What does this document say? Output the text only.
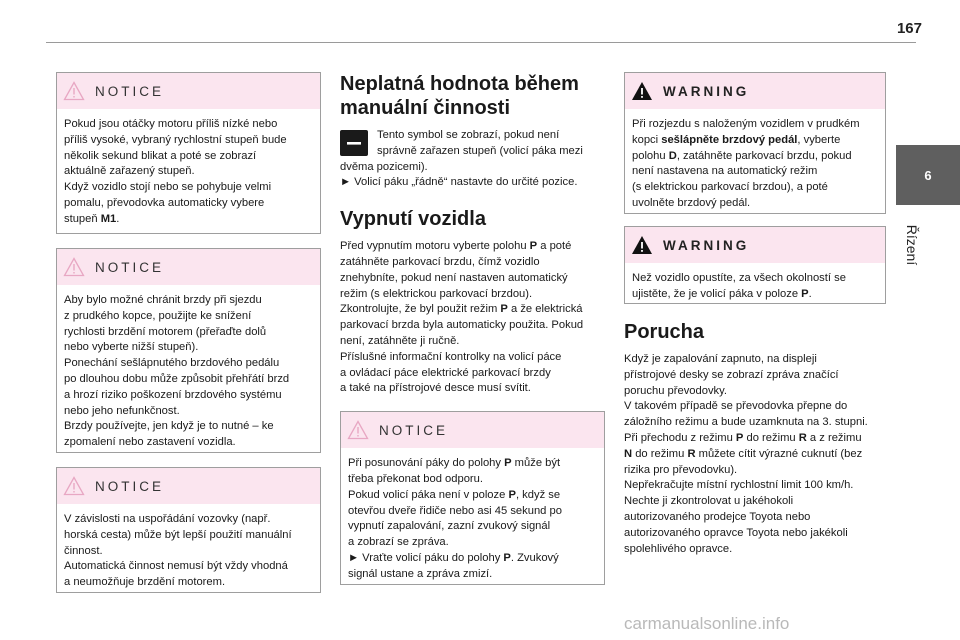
167
6
Řízení
NOTICE

Pokud jsou otáčky motoru příliš nízké nebo

příliš vysoké, vybraný rychlostní stupeň bude

několik sekund blikat a poté se zobrazí

aktuálně zařazený stupeň.

Když vozidlo stojí nebo se pohybuje velmi

pomalu, převodovka automaticky vybere

stupeň M1.

NOTICE

Aby bylo možné chránit brzdy při sjezdu

z prudkého kopce, použijte ke snížení

rychlosti brzdění motorem (přeřaďte dolů

nebo vyberte nižší stupeň).

Ponechání sešlápnutého brzdového pedálu

po dlouhou dobu může způsobit přehřátí brzd

a hrozí riziko poškození brzdového systému

nebo jeho nefunkčnost.

Brzdy používejte, jen když je to nutné – ke

zpomalení nebo zastavení vozidla.

NOTICE

V závislosti na uspořádání vozovky (např.

horská cesta) může být lepší použití manuální

činnost.

Automatická činnost nemusí být vždy vhodná

a neumožňuje brzdění motorem.

Neplatná hodnota během
manuální činnosti

Tento symbol se zobrazí, pokud není

správně zařazen stupeň (volicí páka mezi

dvěma pozicemi).

► Volicí páku „řádně“ nastavte do určité pozice.

Vypnutí vozidla

Před vypnutím motoru vyberte polohu P a poté

zatáhněte parkovací brzdu, čímž vozidlo

znehybníte, pokud není nastaven automatický

režim (s elektrickou parkovací brzdou).

Zkontrolujte, že byl použit režim P a že elektrická

parkovací brzda byla automaticky použita. Pokud

není, zatáhněte ji ručně.

Příslušné informační kontrolky na volicí páce

a ovládací páce elektrické parkovací brzdy

a také na přístrojové desce musí svítit.

NOTICE

Při posunování páky do polohy P může být

třeba překonat bod odporu.

Pokud volicí páka není v poloze P, když se

otevřou dveře řidiče nebo asi 45 sekund po

vypnutí zapalování, zazní zvukový signál

a zobrazí se zpráva.

► Vraťte volicí páku do polohy P. Zvukový

signál ustane a zpráva zmizí.

WARNING

Při rozjezdu s naloženým vozidlem v prudkém

kopci sešlápněte brzdový pedál, vyberte

polohu D, zatáhněte parkovací brzdu, pokud

není nastavena na automatický režim

(s elektrickou parkovací brzdou), a poté

uvolněte brzdový pedál.

WARNING

Než vozidlo opustíte, za všech okolností se

ujistěte, že je volicí páka v poloze P.

Porucha

Když je zapalování zapnuto, na displeji

přístrojové desky se zobrazí zpráva značící

poruchu převodovky.

V takovém případě se převodovka přepne do

záložního režimu a bude uzamknuta na 3. stupni.

Při přechodu z režimu P do režimu R a z režimu

N do režimu R můžete cítit výrazné cuknutí (bez

rizika pro převodovku).

Nepřekračujte místní rychlostní limit 100 km/h.

Nechte ji zkontrolovat u jakéhokoli

autorizovaného prodejce Toyota nebo

autorizovaného opravce Toyota nebo jakékoli

spolehlivého opravce.

carmanualsonline.info
